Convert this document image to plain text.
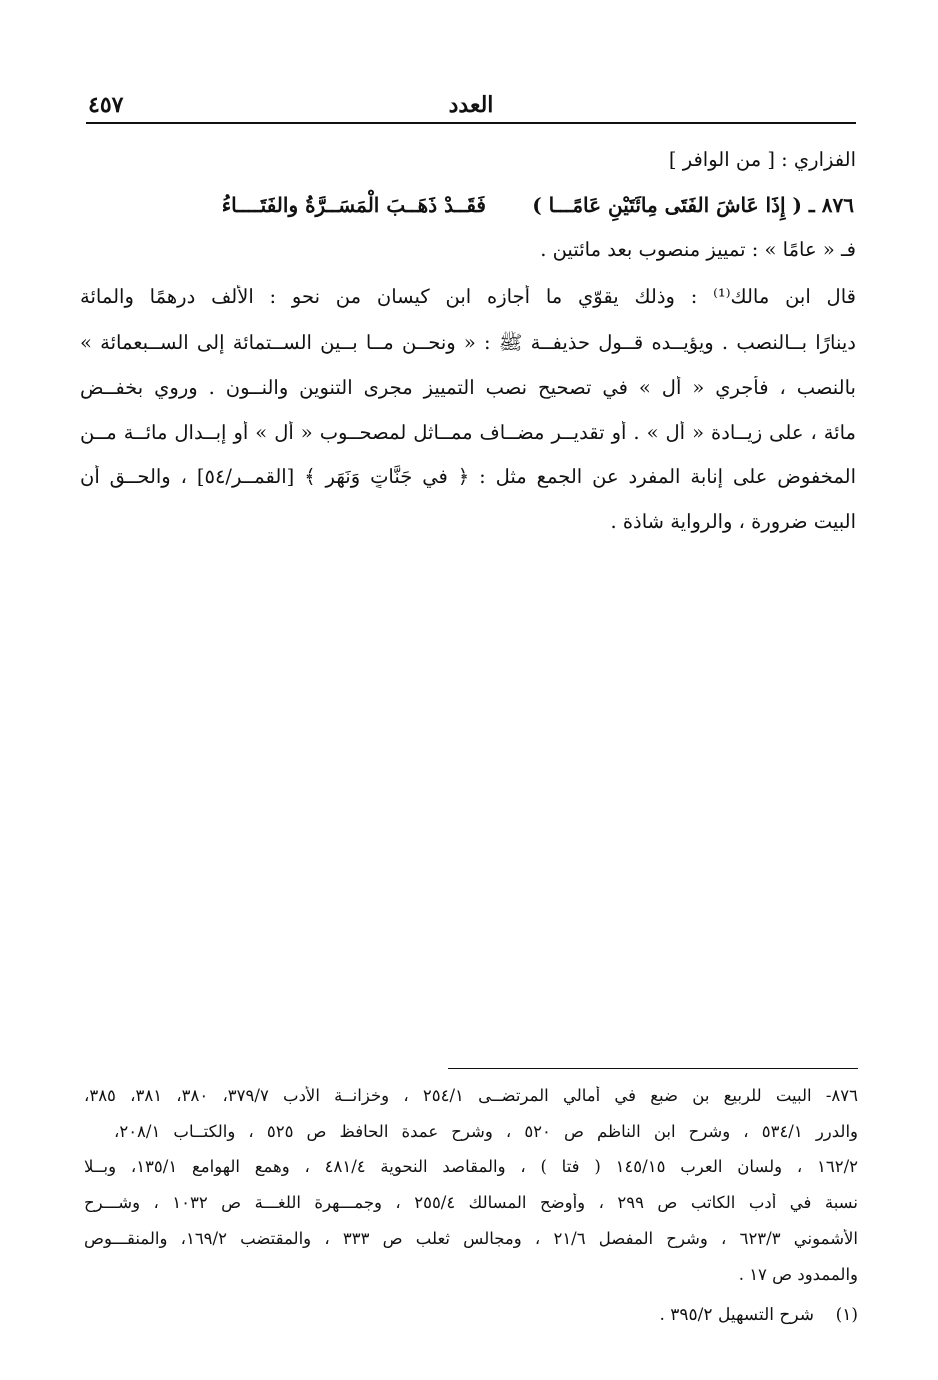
العدد
٤٥٧
الفزاري : [ من الوافر ]
٨٧٦ ـ ( إِذَا عَاشَ الفَتَى مِائَتَيْنِ عَامًـــا )
فَقَــدْ ذَهَــبَ الْمَسَــرَّةُ والفَتَــــاءُ
فـ « عامًا » : تمييز منصوب بعد مائتين .
قال ابن مالك⁽¹⁾ : وذلك يقوّي ما أجازه ابن كيسان من نحو : الألف درهمًا والمائة
دينارًا بــالنصب . ويؤيــده قــول حذيفــة ﷺ : « ونحــن مــا بــين الســتمائة إلى الســبعمائة »
بالنصب ، فأجري « أل » في تصحيح نصب التمييز مجرى التنوين والنــون . وروي بخفــض
مائة ، على زيــادة « أل » . أو تقديــر مضــاف ممــاثل لمصحــوب « أل » أو إبــدال مائــة مــن
المخفوض على إنابة المفرد عن الجمع مثل : ﴿ في جَنَّاتٍ وَنَهَرٍ ﴾ [القمــر/٥٤] ، والحــق أن
البيت ضرورة ، والرواية شاذة .
٨٧٦- البيت للربيع بن ضبع في أمالي المرتضــى ٢٥٤/١ ، وخزانــة الأدب ٣٧٩/٧، ٣٨٠، ٣٨١، ٣٨٥،
والدرر ٥٣٤/١ ، وشرح ابن الناظم ص ٥٢٠ ، وشرح عمدة الحافظ ص ٥٢٥ ، والكتــاب ٢٠٨/١،
١٦٢/٢ ، ولسان العرب ١٤٥/١٥ ( فتا ) ، والمقاصد النحوية ٤٨١/٤ ، وهمع الهوامع ١٣٥/١، وبــلا
نسبة في أدب الكاتب ص ٢٩٩ ، وأوضح المسالك ٢٥٥/٤ ، وجمـــهرة اللغـــة ص ١٠٣٢ ، وشـــرح
الأشموني ٦٢٣/٣ ، وشرح المفصل ٢١/٦ ، ومجالس ثعلب ص ٣٣٣ ، والمقتضب ١٦٩/٢، والمنقـــوص
والممدود ص ١٧ .
(١)شرح التسهيل ٣٩٥/٢ .
